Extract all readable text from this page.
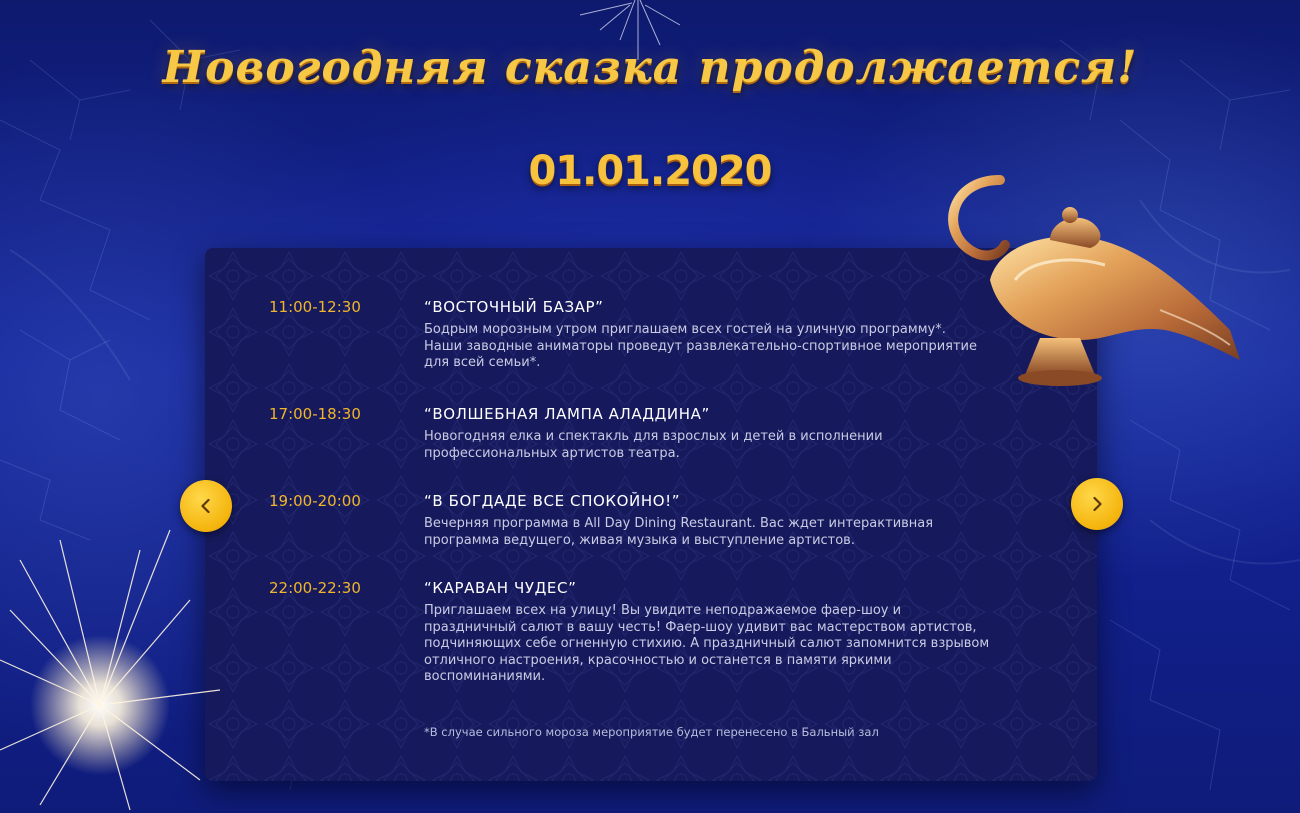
Новогодняя сказка продолжается!
01.01.2020
11:00-12:30	“ВОСТОЧНЫЙ БАЗАР”
Бодрым морозным утром приглашаем всех гостей на уличную программу*.
Наши заводные аниматоры проведут развлекательно-спортивное мероприятие
для всей семьи*.
17:00-18:30	“ВОЛШЕБНАЯ ЛАМПА АЛАДДИНА”
Новогодняя елка и спектакль для взрослых и детей в исполнении
профессиональных артистов театра.
19:00-20:00	“В БОГДАДЕ ВСЕ СПОКОЙНО!”
Вечерняя программа в All Day Dining Restaurant. Вас ждет интерактивная
программа ведущего, живая музыка и выступление артистов.
22:00-22:30	“КАРАВАН ЧУДЕС”
Приглашаем всех на улицу! Вы увидите неподражаемое фаер-шоу и
праздничный салют в вашу честь! Фаер-шоу удивит вас мастерством артистов,
подчиняющих себе огненную стихию. А праздничный салют запомнится взрывом
отличного настроения, красочностью и останется в памяти яркими
воспоминаниями.
*В случае сильного мороза мероприятие будет перенесено в Бальный зал
